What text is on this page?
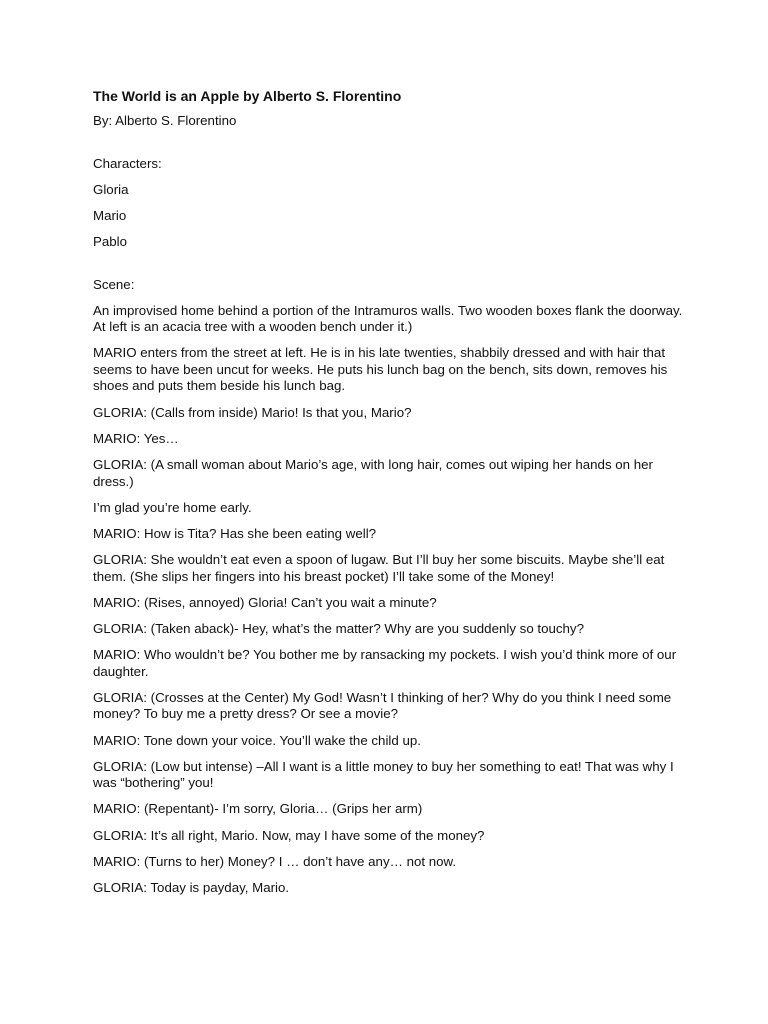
The World is an Apple by Alberto S. Florentino
By: Alberto S. Florentino
Characters:
Gloria
Mario
Pablo
Scene:
An improvised home behind a portion of the Intramuros walls. Two wooden boxes flank the doorway. At left is an acacia tree with a wooden bench under it.)
MARIO enters from the street at left. He is in his late twenties, shabbily dressed and with hair that seems to have been uncut for weeks. He puts his lunch bag on the bench, sits down, removes his shoes and puts them beside his lunch bag.
GLORIA: (Calls from inside) Mario! Is that you, Mario?
MARIO: Yes…
GLORIA: (A small woman about Mario’s age, with long hair, comes out wiping her hands on her dress.)
I’m glad you’re home early.
MARIO: How is Tita? Has she been eating well?
GLORIA: She wouldn’t eat even a spoon of lugaw. But I’ll buy her some biscuits. Maybe she’ll eat them. (She slips her fingers into his breast pocket) I’ll take some of the Money!
MARIO: (Rises, annoyed) Gloria! Can’t you wait a minute?
GLORIA: (Taken aback)- Hey, what’s the matter? Why are you suddenly so touchy?
MARIO: Who wouldn’t be? You bother me by ransacking my pockets. I wish you’d think more of our daughter.
GLORIA: (Crosses at the Center) My God! Wasn’t I thinking of her? Why do you think I need some money? To buy me a pretty dress? Or see a movie?
MARIO: Tone down your voice. You’ll wake the child up.
GLORIA: (Low but intense) –All I want is a little money to buy her something to eat! That was why I was “bothering” you!
MARIO: (Repentant)- I’m sorry, Gloria… (Grips her arm)
GLORIA: It’s all right, Mario. Now, may I have some of the money?
MARIO: (Turns to her) Money? I … don’t have any… not now.
GLORIA: Today is payday, Mario.
